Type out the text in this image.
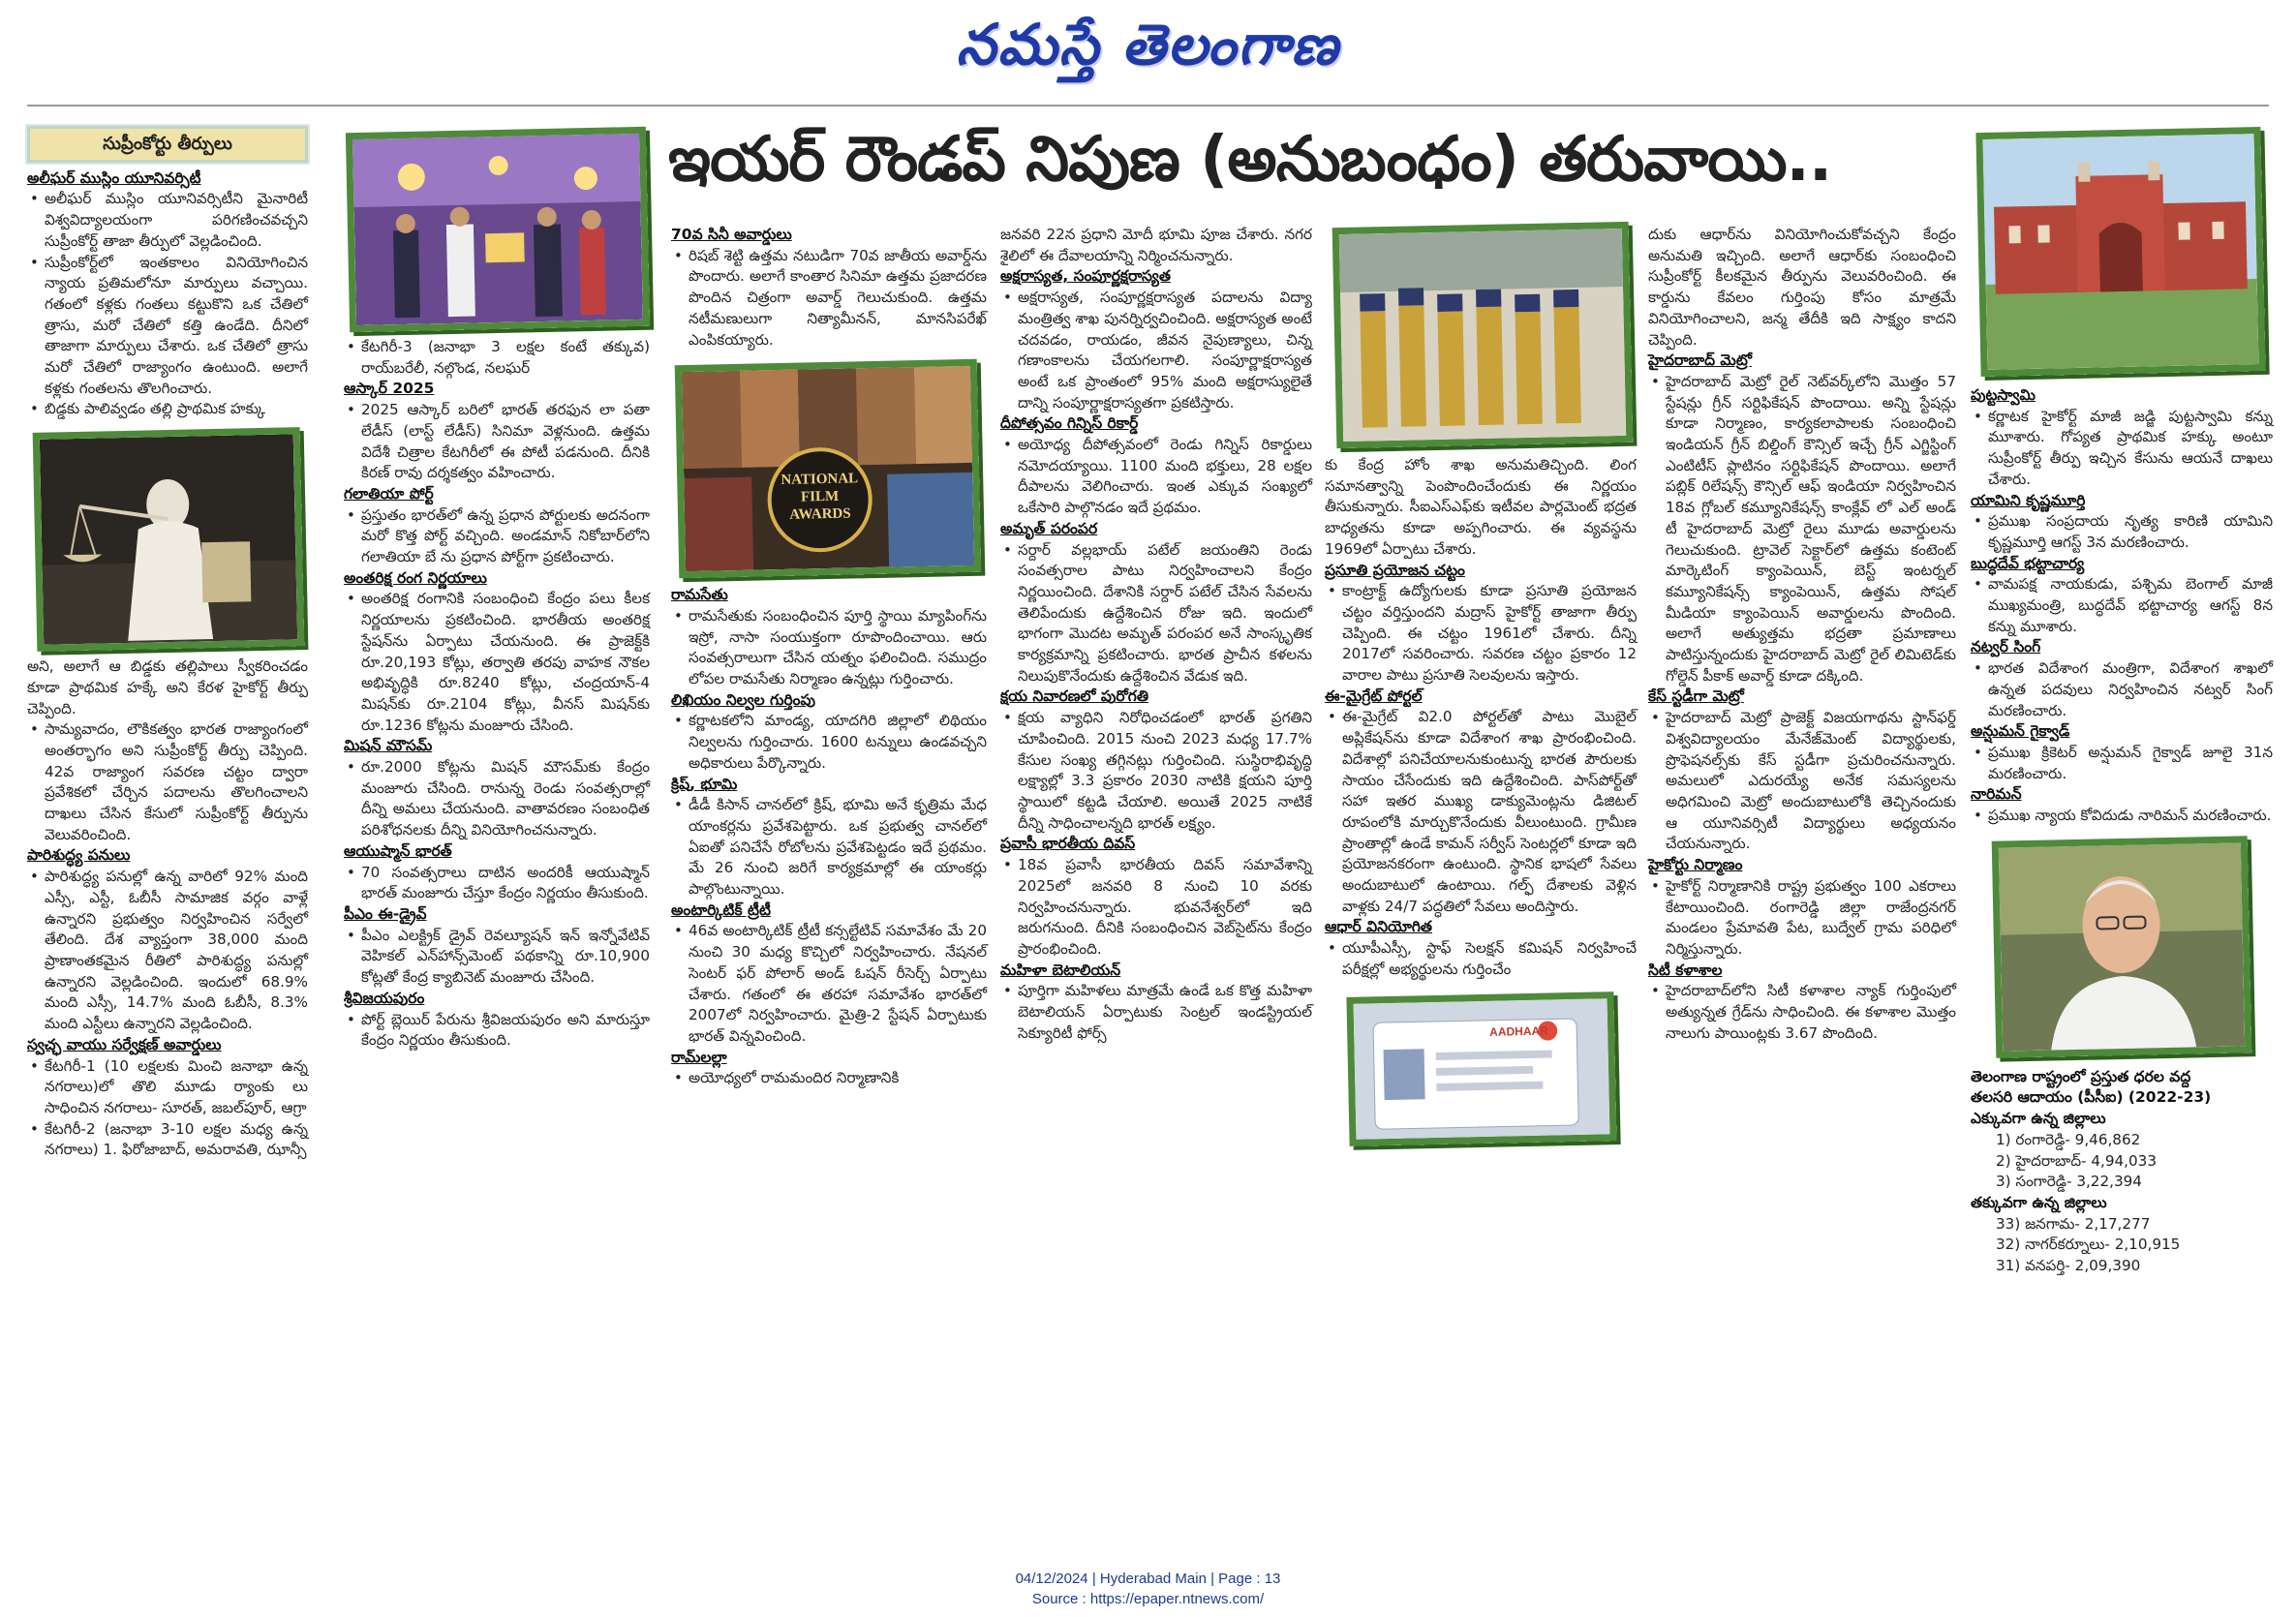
నమస్తే తెలంగాణ
ఇయర్ రౌండప్ నిపుణ (అనుబంధం) తరువాయి..
సుప్రీంకోర్టు తీర్పులు

అలీఘర్ ముస్లిం యూనివర్సిటీ

• అలీఘర్ ముస్లిం యూనివర్సిటీని మైనారిటీ విశ్వవిద్యాలయంగా పరిగణించవచ్చని సుప్రీంకోర్ట్ తాజా తీర్పులో వెల్లడించింది.

• సుప్రీంకోర్ట్‌లో ఇంతకాలం వినియోగించిన న్యాయ ప్రతిమలోనూ మార్పులు వచ్చాయి. గతంలో కళ్లకు గంతలు కట్టుకొని ఒక చేతిలో త్రాసు, మరో చేతిలో కత్తి ఉండేది. దీనిలో తాజాగా మార్పులు చేశారు. ఒక చేతిలో త్రాసు మరో చేతిలో రాజ్యాంగం ఉంటుంది. అలాగే కళ్లకు గంతలను తొలగించారు.

• బిడ్డకు పాలివ్వడం తల్లి ప్రాథమిక హక్కు

అని, అలాగే ఆ బిడ్డకు తల్లిపాలు స్వీకరించడం కూడా ప్రాథమిక హక్కే అని కేరళ హైకోర్ట్ తీర్పు చెప్పింది.

• సామ్యవాదం, లౌకికత్వం భారత రాజ్యాంగంలో అంతర్భాగం అని సుప్రీంకోర్ట్ తీర్పు చెప్పింది. 42వ రాజ్యాంగ సవరణ చట్టం ద్వారా ప్రవేశిక‌లో చేర్చిన పదాలను తొలగించాలని దాఖలు చేసిన కేసులో సుప్రీంకోర్ట్ తీర్పును వెలువరించింది.

పారిశుద్ధ్య పనులు

• పారిశుద్ధ్య పనుల్లో ఉన్న వారిలో 92% మంది ఎస్సీ, ఎస్టీ, ఓబీసీ సామాజిక వర్గం వాళ్లే ఉన్నారని ప్రభుత్వం నిర్వహించిన సర్వేలో తేలింది. దేశ వ్యాప్తంగా 38,000 మంది ప్రాణాంతకమైన రీతిలో పారిశుద్ధ్య పనుల్లో ఉన్నారని వెల్లడించింది. ఇందులో 68.9% మంది ఎస్సీ, 14.7% మంది ఓబీసీ, 8.3% మంది ఎస్టీలు ఉన్నారని వెల్లడించింది.

స్వచ్ఛ వాయు సర్వేక్షణ్ అవార్డులు

• కేటగిరీ-1 (10 లక్షలకు మించి జనాభా ఉన్న నగరాలు)లో తొలి మూడు ర్యాంకు లు సాధించిన నగరాలు- సూరత్, జబల్‌పూర్, ఆగ్రా

• కేటగిరీ-2 (జనాభా 3-10 లక్షల మధ్య ఉన్న నగరాలు) 1. ఫిరోజాబాద్, అమరావతి, ఝాన్సీ

• కేటగిరీ-3 (జనాభా 3 లక్షల కంటే తక్కువ) రాయ్‌బరేలీ, నల్గొండ, నలఘర్

ఆస్కార్ 2025

• 2025 ఆస్కార్ బరిలో భారత్ తరఫున లా పతా లేడీస్ (లాస్ట్ లేడీస్) సినిమా వెళ్లనుంది. ఉత్తమ విదేశీ చిత్రాల కేటగిరీలో ఈ పోటీ పడనుంది. దీనికి కిరణ్ రావు దర్శకత్వం వహించారు.

గలాతియా పోర్ట్

• ప్రస్తుతం భారత్‌లో ఉన్న ప్రధాన పోర్టులకు అదనంగా మరో కొత్త పోర్ట్ వచ్చింది. అండమాన్ నికోబార్‌లోని గలాతియా బే ను ప్రధాన పోర్ట్‌గా ప్రకటించారు.

అంతరిక్ష రంగ నిర్ణయాలు

• అంతరిక్ష రంగానికి సంబంధించి కేంద్రం పలు కీలక నిర్ణయాలను ప్రకటించింది. భారతీయ అంతరిక్ష స్టేషన్‌ను ఏర్పాటు చేయనుంది. ఈ ప్రాజెక్ట్‌కి రూ.20,193 కోట్లు, తర్వాతి తరపు వాహక నౌకల అభివృద్ధికి రూ.8240 కోట్లు, చంద్రయాన్-4 మిషన్‌కు రూ.2104 కోట్లు, వీనస్ మిషన్‌కు రూ.1236 కోట్లను మంజూరు చేసింది.

మిషన్ మౌసమ్

• రూ.2000 కోట్లను మిషన్ మౌసమ్‌కు కేంద్రం మంజూరు చేసింది. రానున్న రెండు సంవత్సరాల్లో దీన్ని అమలు చేయనుంది. వాతావరణం సంబంధిత పరిశోధనలకు దీన్ని వినియోగించనున్నారు.

ఆయుష్మాన్ భారత్

• 70 సంవత్సరాలు దాటిన అందరికీ ఆయుష్మాన్ భారత్ మంజూరు చేస్తూ కేంద్రం నిర్ణయం తీసుకుంది.

పీఎం ఈ-డ్రైవ్

• పీఎం ఎలక్ట్రిక్ డ్రైవ్ రెవల్యూషన్ ఇన్ ఇన్నోవేటివ్ వెహికల్ ఎన్‌హాన్స్‌మెంట్ పథకాన్ని రూ.10,900 కోట్లతో కేంద్ర క్యాబినెట్ మంజూరు చేసింది.

శ్రీవిజయపురం

• పోర్ట్ బ్లెయిర్ పేరును శ్రీవిజయపురం అని మారుస్తూ కేంద్రం నిర్ణయం తీసుకుంది.

70వ సినీ అవార్డులు

• రిషబ్ శెట్టి ఉత్తమ నటుడిగా 70వ జాతీయ అవార్డ్‌ను పొందారు. అలాగే కాంతార సినిమా ఉత్తమ ప్రజాదరణ పొందిన చిత్రంగా అవార్డ్ గెలుచుకుంది. ఉత్తమ నటీమణులుగా నిత్యామీనన్, మానసిపరేఖ్ ఎంపికయ్యారు.

NATIONAL
FILM AWARDS

రామసేతు

• రామసేతుకు సంబంధించిన పూర్తి స్థాయి మ్యాపింగ్‌ను ఇస్రో, నాసా సంయుక్తంగా రూపొందించాయి. ఆరు సంవత్సరాలుగా చేసిన యత్నం ఫలించింది. సముద్రం లోపల రామసేతు నిర్మాణం ఉన్నట్లు గుర్తించారు.

లిఖియం నిల్వల గుర్తింపు

• కర్ణాటకలోని మాండ్య, యాదగిరి జిల్లాలో లిథియం నిల్వలను గుర్తించారు. 1600 టన్నులు ఉండవచ్చని అధికారులు పేర్కొన్నారు.

క్రిష్, భూమి

• డీడీ కిసాన్ చానల్‌లో క్రిష్, భూమి అనే కృత్రిమ మేధ యాంకర్లను ప్రవేశపెట్టారు. ఒక ప్రభుత్వ చానల్‌లో ఏఐతో పనిచేసే రోబోలను ప్రవేశపెట్టడం ఇదే ప్రథమం. మే 26 నుంచి జరిగే కార్యక్రమాల్లో ఈ యాంకర్లు పాల్గొంటున్నాయి.

అంటార్కిటిక్ ట్రీటీ

• 46వ అంటార్కిటిక్ ట్రీటీ కన్సల్టేటివ్ సమావేశం మే 20 నుంచి 30 మధ్య కొచ్చిలో నిర్వహించారు. నేషనల్ సెంటర్ ఫర్ పోలార్ అండ్ ఓషన్ రీసెర్చ్ ఏర్పాటు చేశారు. గతంలో ఈ తరహా సమావేశం భారత్‌లో 2007లో నిర్వహించారు. మైత్రి-2 స్టేషన్ ఏర్పాటుకు భారత్ విన్నవించింది.

రామ్‌లల్లా

• అయోధ్యలో రామమందిర నిర్మాణానికి

జనవరి 22న ప్రధాని మోదీ భూమి పూజ చేశారు. నగర శైలిలో ఈ దేవాలయాన్ని నిర్మించనున్నారు.

అక్షరాస్యత, సంపూర్ణక్షరాస్యత

• అక్షరాస్యత, సంపూర్ణక్షరాస్యత పదాలను విద్యా మంత్రిత్వ శాఖ పునర్నిర్వచించింది. అక్షరాస్యత అంటే చదవడం, రాయడం, జీవన నైపుణ్యాలు, చిన్న గణాంకాలను చేయగలగాలి. సంపూర్ణాక్షరాస్యత అంటే ఒక ప్రాంతంలో 95% మంది అక్షరాస్యులైతే దాన్ని సంపూర్ణాక్షరాస్యతగా ప్రకటిస్తారు.

దీపోత్సవం గిన్నిస్ రికార్డ్

• అయోధ్య దీపోత్సవంలో రెండు గిన్నిస్ రికార్డులు నమోదయ్యాయి. 1100 మంది భక్తులు, 28 లక్షల దీపాలను వెలిగించారు. ఇంత ఎక్కువ సంఖ్యలో ఒకేసారి పాల్గొనడం ఇదే ప్రథమం.

అమృత్ పరంపర

• సర్దార్ వల్లభాయ్ పటేల్ జయంతిని రెండు సంవత్సరాల పాటు నిర్వహించాలని కేంద్రం నిర్ణయించింది. దేశానికి సర్దార్ పటేల్ చేసిన సేవలను తెలిపేందుకు ఉద్దేశించిన రోజు ఇది. ఇందులో భాగంగా మొదట అమృత్ పరంపర అనే సాంస్కృతిక కార్యక్రమాన్ని ప్రకటించారు. భారత ప్రాచీన కళలను నిలుపుకొనేందుకు ఉద్దేశించిన వేడుక ఇది.

క్షయ నివారణలో పురోగతి

• క్షయ వ్యాధిని నిరోధించడంలో భారత్ ప్రగతిని చూపించింది. 2015 నుంచి 2023 మధ్య 17.7% కేసుల సంఖ్య తగ్గినట్లు గుర్తించింది. సుస్థిరాభివృద్ధి లక్ష్యాల్లో 3.3 ప్రకారం 2030 నాటికి క్షయని పూర్తి స్థాయిలో కట్టడి చేయాలి. అయితే 2025 నాటికే దీన్ని సాధించాలన్నది భారత్ లక్ష్యం.

ప్రవాసీ భారతీయ దివస్

• 18వ ప్రవాసీ భారతీయ దివస్ సమావేశాన్ని 2025లో జనవరి 8 నుంచి 10 వరకు నిర్వహించనున్నారు. భువనేశ్వర్‌లో ఇది జరుగనుంది. దీనికి సంబంధించిన వెబ్‌సైట్‌ను కేంద్రం ప్రారంభించింది.

మహిళా బెటాలియన్

• పూర్తిగా మహిళలు మాత్రమే ఉండే ఒక కొత్త మహిళా బెటాలియన్ ఏర్పాటుకు సెంట్రల్ ఇండస్ట్రియల్ సెక్యూరిటీ ఫోర్స్

కు కేంద్ర హోం శాఖ అనుమతిచ్చింది. లింగ సమానత్వాన్ని పెంపొందించేందుకు ఈ నిర్ణయం తీసుకున్నారు. సీఐఎస్ఎఫ్‌కు ఇటీవల పార్లమెంట్ భద్రత బాధ్యతను కూడా అప్పగించారు. ఈ వ్యవస్థను 1969లో ఏర్పాటు చేశారు.

ప్రసూతి ప్రయోజన చట్టం

• కాంట్రాక్ట్ ఉద్యోగులకు కూడా ప్రసూతి ప్రయోజన చట్టం వర్తిస్తుందని మద్రాస్ హైకోర్ట్ తాజాగా తీర్పు చెప్పింది. ఈ చట్టం 1961లో చేశారు. దీన్ని 2017లో సవరించారు. సవరణ చట్టం ప్రకారం 12 వారాల పాటు ప్రసూతి సెలవులను ఇస్తారు.

ఈ-మైగ్రేట్ పోర్టల్

• ఈ-మైగ్రేట్ వి2.0 పోర్టల్‌తో పాటు మొబైల్ అప్లికేషన్‌ను కూడా విదేశాంగ శాఖ ప్రారంభించింది. విదేశాల్లో పనిచేయాలనుకుంటున్న భారత పౌరులకు సాయం చేసేందుకు ఇది ఉద్దేశించింది. పాస్‌పోర్ట్‌తో సహా ఇతర ముఖ్య డాక్యుమెంట్లను డిజిటల్ రూపంలోకి మార్చుకొనేందుకు వీలుంటుంది. గ్రామీణ ప్రాంతాల్లో ఉండే కామన్ సర్వీస్ సెంటర్లలో కూడా ఇది ప్రయోజనకరంగా ఉంటుంది. స్థానిక భాషలో సేవలు అందుబాటులో ఉంటాయి. గల్ఫ్ దేశాలకు వెళ్లిన వాళ్లకు 24/7 పద్ధతిలో సేవలు అందిస్తారు.

ఆధార్ వినియోగిత

• యూపీఎస్సీ, స్టాఫ్ సెలక్షన్ కమిషన్ నిర్వహించే పరీక్షల్లో అభ్యర్థులను గుర్తించేం

AADHAAR

దుకు ఆధార్‌ను వినియోగించుకోవచ్చని కేంద్రం అనుమతి ఇచ్చింది. అలాగే ఆధార్‌కు సంబంధించి సుప్రీంకోర్ట్ కీలకమైన తీర్పును వెలువరించింది. ఈ కార్డును కేవలం గుర్తింపు కోసం మాత్రమే వినియోగించాలని, జన్మ తేదీకి ఇది సాక్ష్యం కాదని చెప్పింది.

హైదరాబాద్ మెట్రో

• హైదరాబాద్ మెట్రో రైల్ నెట్‌వర్క్‌లోని మొత్తం 57 స్టేషన్లు గ్రీన్ సర్టిఫికేషన్ పొందాయి. అన్ని స్టేషన్లు కూడా నిర్మాణం, కార్యకలాపాలకు సంబంధించి ఇండియన్ గ్రీన్ బిల్డింగ్ కౌన్సిల్ ఇచ్చే గ్రీన్ ఎగ్జిస్టింగ్ ఎంటిటీస్ ప్లాటినం సర్టిఫికేషన్ పొందాయి. అలాగే పబ్లిక్ రిలేషన్స్ కౌన్సిల్ ఆఫ్ ఇండియా నిర్వహించిన 18వ గ్లోబల్ కమ్యూనికేషన్స్ కాంక్లేవ్ లో ఎల్ అండ్ టీ హైదరాబాద్ మెట్రో రైలు మూడు అవార్డులను గెలుచుకుంది. ట్రావెల్ సెక్టార్‌లో ఉత్తమ కంటెంట్ మార్కెటింగ్ క్యాంపెయిన్, బెస్ట్ ఇంటర్నల్ కమ్యూనికేషన్స్ క్యాంపెయిన్, ఉత్తమ సోషల్ మీడియా క్యాంపెయిన్ అవార్డులను పొందింది. అలాగే అత్యుత్తమ భద్రతా ప్రమాణాలు పాటిస్తున్నందుకు హైదరాబాద్ మెట్రో రైల్ లిమిటెడ్‌కు గోల్డెన్ పీకాక్ అవార్డ్ కూడా దక్కింది.

కేస్ స్టడీగా మెట్రో

• హైదరాబాద్ మెట్రో ప్రాజెక్ట్ విజయగాథను స్టాన్‌ఫర్డ్ విశ్వవిద్యాలయం మేనేజ్‌మెంట్ విద్యార్థులకు, ప్రొఫెషనల్స్‌కు కేస్ స్టడీగా ప్రచురించనున్నారు. అమలులో ఎదురయ్యే అనేక సమస్యలను అధిగమించి మెట్రో అందుబాటులోకి తెచ్చినందుకు ఆ యూనివర్సిటీ విద్యార్థులు అధ్యయనం చేయనున్నారు.

హైకోర్టు నిర్మాణం

• హైకోర్ట్ నిర్మాణానికి రాష్ట్ర ప్రభుత్వం 100 ఎకరాలు కేటాయించింది. రంగారెడ్డి జిల్లా రాజేంద్రనగర్ మండలం ప్రేమావతి పేట, బుద్వేల్ గ్రామ పరిధిలో నిర్మిస్తున్నారు.

సిటీ కళాశాల

• హైదరాబాద్‌లోని సిటీ కళాశాల న్యాక్ గుర్తింపులో అత్యున్నత గ్రేడ్‌ను సాధించింది. ఈ కళాశాల మొత్తం నాలుగు పాయింట్లకు 3.67 పొందింది.

పుట్టస్వామి

• కర్ణాటక హైకోర్ట్ మాజీ జడ్జి పుట్టస్వామి కన్ను మూశారు. గోప్యత ప్రాథమిక హక్కు అంటూ సుప్రీంకోర్ట్ తీర్పు ఇచ్చిన కేసును ఆయనే దాఖలు చేశారు.

యామిని కృష్ణమూర్తి

• ప్రముఖ సంప్రదాయ నృత్య కారిణి యామిని కృష్ణమూర్తి ఆగస్ట్ 3న మరణించారు.

బుద్ధదేవ్ భట్టాచార్య

• వామపక్ష నాయకుడు, పశ్చిమ బెంగాల్ మాజీ ముఖ్యమంత్రి, బుద్ధదేవ్ భట్టాచార్య ఆగస్ట్ 8న కన్ను మూశారు.

నట్వర్ సింగ్

• భారత విదేశాంగ మంత్రిగా, విదేశాంగ శాఖలో ఉన్నత పదవులు నిర్వహించిన నట్వర్ సింగ్ మరణించారు.

అన్షుమన్ గైక్వాడ్

• ప్రముఖ క్రికెటర్ అన్షుమన్ గైక్వాడ్ జూలై 31న మరణించారు.

నారిమన్

• ప్రముఖ న్యాయ కోవిదుడు నారిమన్ మరణించారు.

తెలంగాణ రాష్ట్రంలో ప్రస్తుత ధరల వద్ద

తలసరి ఆదాయం (పీసీఐ) (2022-23)

ఎక్కువగా ఉన్న జిల్లాలు

1) రంగారెడ్డి- 9,46,862

2) హైదరాబాద్- 4,94,033

3) సంగారెడ్డి- 3,22,394

తక్కువగా ఉన్న జిల్లాలు

33) జనగామ- 2,17,277

32) నాగర్‌కర్నూలు- 2,10,915

31) వనపర్తి- 2,09,390

04/12/2024 | Hyderabad Main | Page : 13
Source : https://epaper.ntnews.com/
